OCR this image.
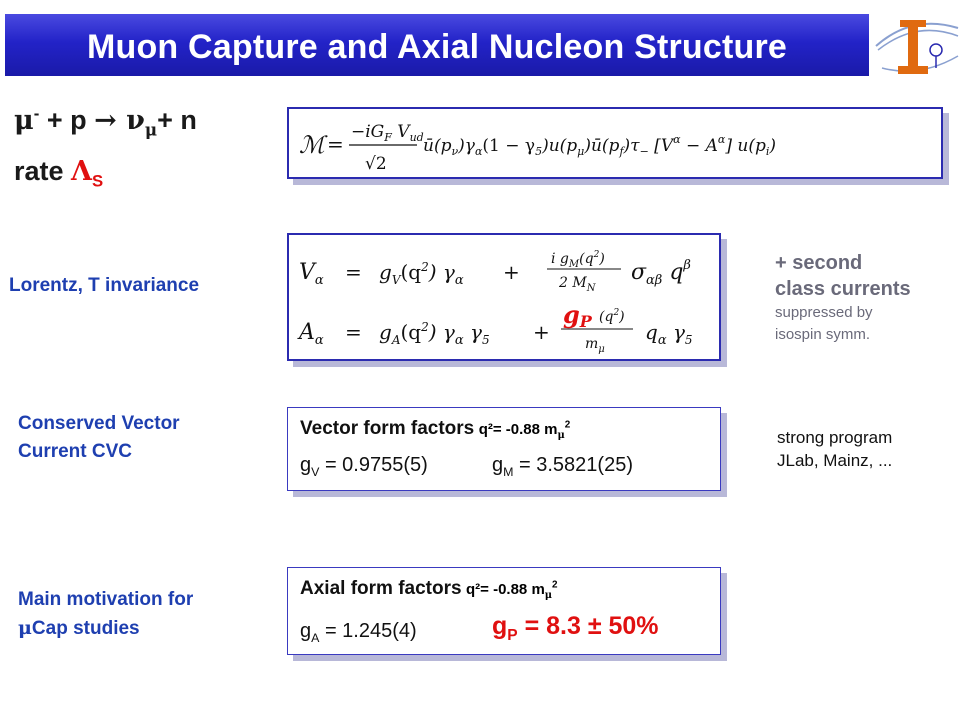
Muon Capture and Axial Nucleon Structure
$\mu^- + p \to \nu_\mu+ n$
rate $\Lambda_S$
Lorentz, T invariance
Conserved Vector
Current CVC
Main motivation for
μCap studies
ℳ = $-iG_F$ $V_{ud}$
√2
$ū(p_\nu)\gamma_\alpha(1$ − $\gamma_5)u(p_\mu)ū(p_f)\tau_-$ $[V^\alpha - A^\alpha]$ $u(p_i)$
$V_\alpha = g_V(q^2) \gamma_\alpha$ +
i $g_M(q^2)$
2 $M_N$
$\sigma_{\alpha\beta}$ $q^\beta$
$A_\alpha = g_A(q^2)$ $\gamma_\alpha$ $\gamma_5$ +
gP $(q^2)$
$m_\mu$
$q_\alpha$ $\gamma_5$
+ second
class currents
suppressed by
isospin symm.
strong program
JLab, Mainz, ...
Vector form factors q²= -0.88 $m_\mu^2$
$g_V = 0.9755(5)$	$g_M = 3.5821(25)$
Axial form factors q²= -0.88 $m_\mu^2$
$g_A = 1.245(4)$	$g_P = 8.3 \pm 50\%$
